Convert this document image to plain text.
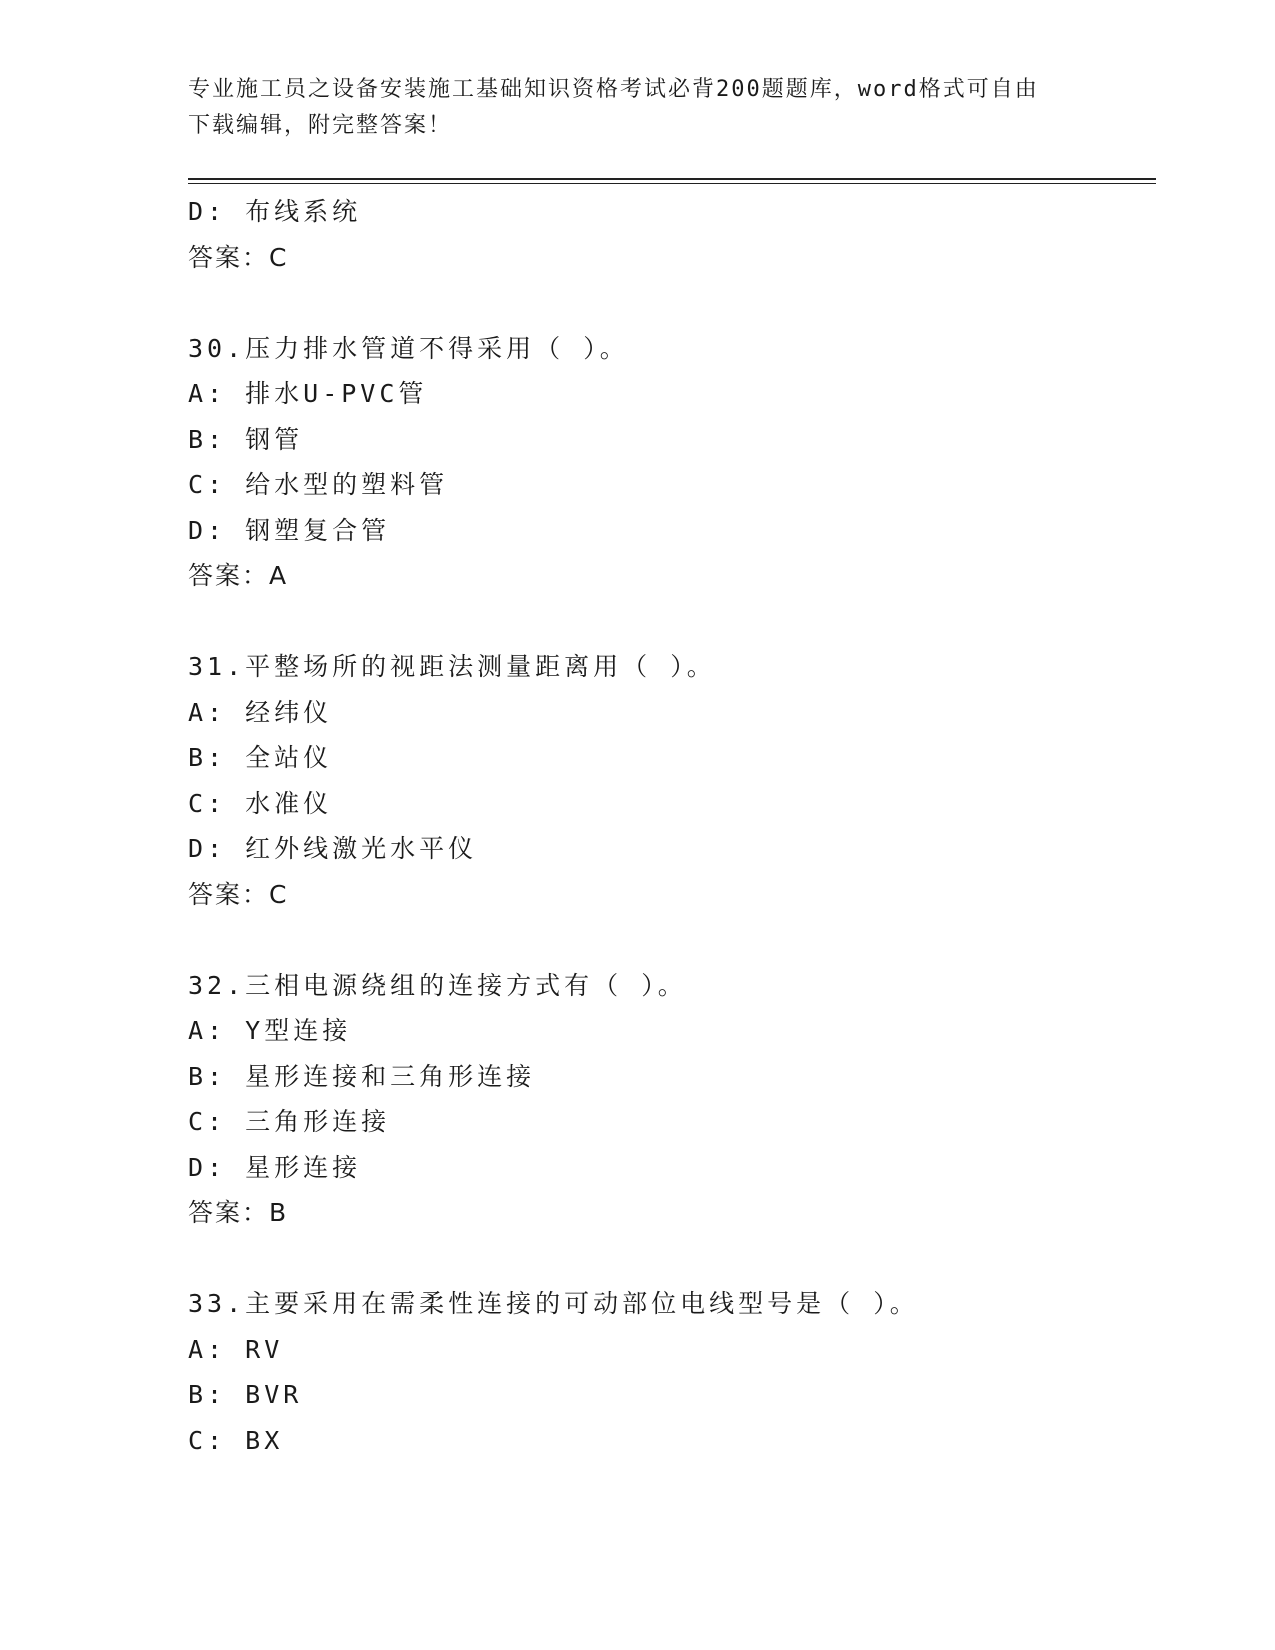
专业施工员之设备安装施工基础知识资格考试必背200题题库，word格式可自由
下载编辑，附完整答案！
D: 布线系统
答案：C
30.压力排水管道不得采用（ ）。
A: 排水U-PVC管
B: 钢管
C: 给水型的塑料管
D: 钢塑复合管
答案：A
31.平整场所的视距法测量距离用（ ）。
A: 经纬仪
B: 全站仪
C: 水准仪
D: 红外线激光水平仪
答案：C
32.三相电源绕组的连接方式有（ ）。
A: Y型连接
B: 星形连接和三角形连接
C: 三角形连接
D: 星形连接
答案：B
33.主要采用在需柔性连接的可动部位电线型号是（ ）。
A: RV
B: BVR
C: BX
